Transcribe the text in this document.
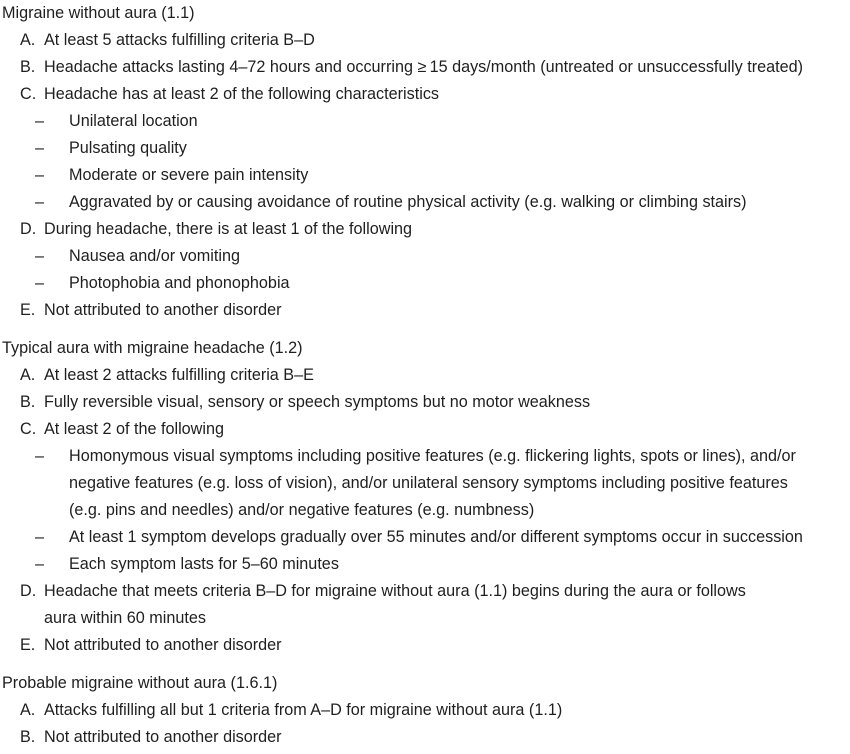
Migraine without aura (1.1)
A. At least 5 attacks fulfilling criteria B–D
B. Headache attacks lasting 4–72 hours and occurring ≥ 15 days/month (untreated or unsuccessfully treated)
C. Headache has at least 2 of the following characteristics
–	Unilateral location
–	Pulsating quality
–	Moderate or severe pain intensity
–	Aggravated by or causing avoidance of routine physical activity (e.g. walking or climbing stairs)
D. During headache, there is at least 1 of the following
–	Nausea and/or vomiting
–	Photophobia and phonophobia
E. Not attributed to another disorder
Typical aura with migraine headache (1.2)
A. At least 2 attacks fulfilling criteria B–E
B. Fully reversible visual, sensory or speech symptoms but no motor weakness
C. At least 2 of the following
–	Homonymous visual symptoms including positive features (e.g. flickering lights, spots or lines), and/or
negative features (e.g. loss of vision), and/or unilateral sensory symptoms including positive features
(e.g. pins and needles) and/or negative features (e.g. numbness)
–	At least 1 symptom develops gradually over 55 minutes and/or different symptoms occur in succession
–	Each symptom lasts for 5–60 minutes
D. Headache that meets criteria B–D for migraine without aura (1.1) begins during the aura or follows
aura within 60 minutes
E. Not attributed to another disorder
Probable migraine without aura (1.6.1)
A. Attacks fulfilling all but 1 criteria from A–D for migraine without aura (1.1)
B. Not attributed to another disorder
